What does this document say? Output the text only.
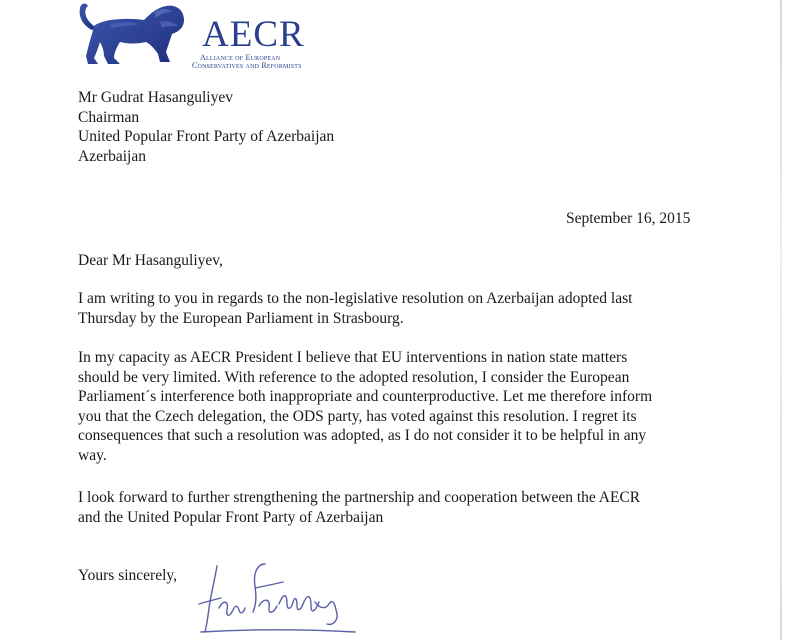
AECR
Alliance of European
Conservatives and Reformists
Mr Gudrat Hasanguliyev
Chairman
United Popular Front Party of Azerbaijan
Azerbaijan
September 16, 2015
Dear Mr Hasanguliyev,
I am writing to you in regards to the non-legislative resolution on Azerbaijan adopted last
Thursday by the European Parliament in Strasbourg.
In my capacity as AECR President I believe that EU interventions in nation state matters
should be very limited. With reference to the adopted resolution, I consider the European
Parliament´s interference both inappropriate and counterproductive. Let me therefore inform
you that the Czech delegation, the ODS party, has voted against this resolution. I regret its
consequences that such a resolution was adopted, as I do not consider it to be helpful in any
way.
I look forward to further strengthening the partnership and cooperation between the AECR
and the United Popular Front Party of Azerbaijan
Yours sincerely,
